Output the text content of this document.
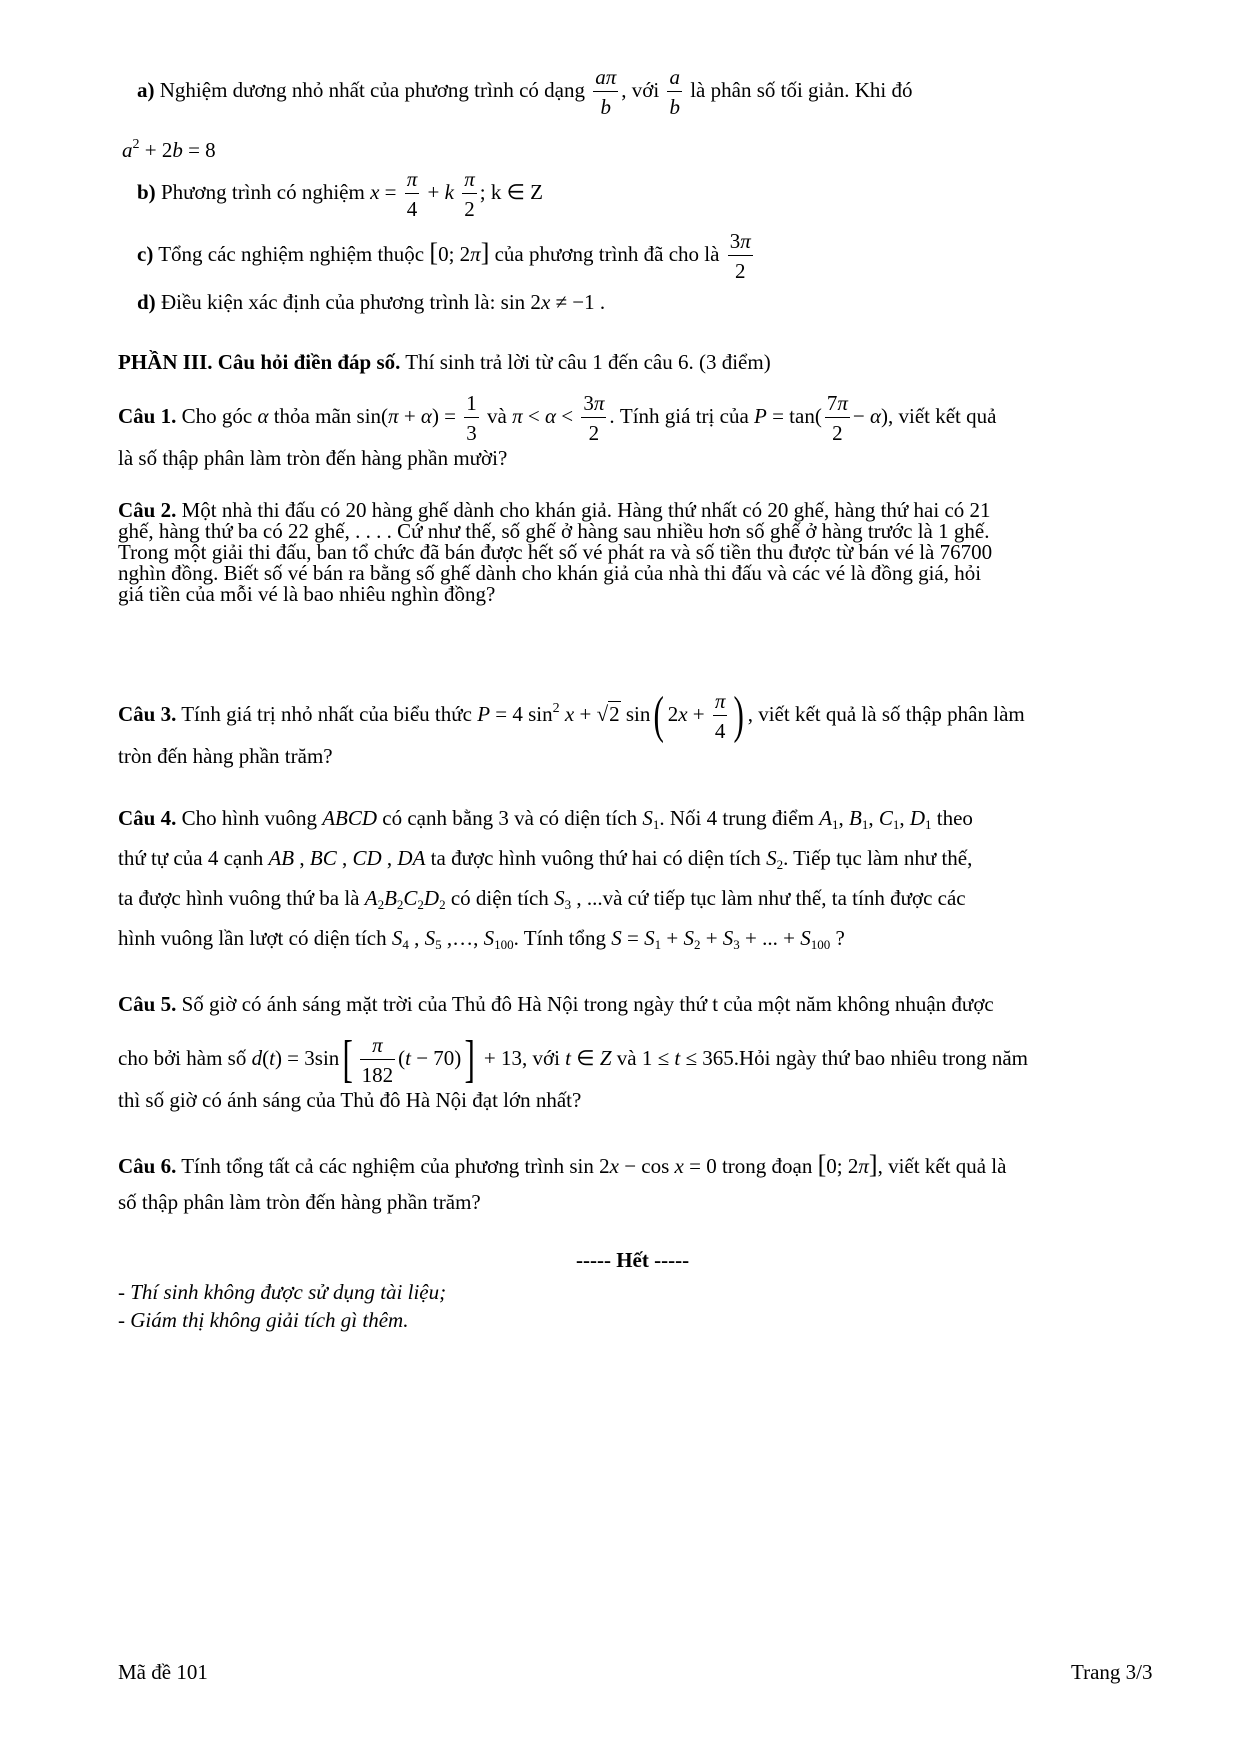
a) Nghiệm dương nhỏ nhất của phương trình có dạng $\frac{a\pi}{b}$ , với $\frac{a}{b}$ là phân số tối giản. Khi đó
$a^2 + 2b = 8$
b) Phương trình có nghiệm $x = \frac{\pi}{4} + k \frac{\pi}{2}$ ; k ∈ Z
c) Tổng các nghiệm nghiệm thuộc [0; 2π] của phương trình đã cho là $\frac{3\pi}{2}$
d) Điều kiện xác định của phương trình là: sin 2x ≠ −1 .
PHẦN III. Câu hỏi điền đáp số. Thí sinh trả lời từ câu 1 đến câu 6. (3 điểm)
Câu 1. Cho góc α thỏa mãn $\sin(\pi + \alpha) = \frac{1}{3}$ và $\pi < \alpha < \frac{3\pi}{2}$ . Tính giá trị của $P = \tan( \frac{7\pi}{2} - \alpha)$, viết kết quả
là số thập phân làm tròn đến hàng phần mười?
Câu 2. Một nhà thi đấu có 20 hàng ghế dành cho khán giả. Hàng thứ nhất có 20 ghế, hàng thứ hai có 21
ghế, hàng thứ ba có 22 ghế, . . . . Cứ như thế, số ghế ở hàng sau nhiều hơn số ghế ở hàng trước là 1 ghế.
Trong một giải thi đấu, ban tổ chức đã bán được hết số vé phát ra và số tiền thu được từ bán vé là 76700
nghìn đồng. Biết số vé bán ra bằng số ghế dành cho khán giả của nhà thi đấu và các vé là đồng giá, hỏi
giá tiền của mỗi vé là bao nhiêu nghìn đồng?
Câu 3. Tính giá trị nhỏ nhất của biểu thức P = 4 $\sin^2 x + √2$ sin( $2x + \frac{\pi}{4}$ ) , viết kết quả là số thập phân làm
tròn đến hàng phần trăm?
Câu 4. Cho hình vuông ABCD có cạnh bằng 3 và có diện tích $S_1$. Nối 4 trung điểm $A_1$, $B_1$, $C_1$, $D_1$ theo
thứ tự của 4 cạnh AB , BC , CD , DA ta được hình vuông thứ hai có diện tích $S_2$. Tiếp tục làm như thế,
ta được hình vuông thứ ba là $A_2B_2C_2D_2$ có diện tích $S_3$ , ...và cứ tiếp tục làm như thế, ta tính được các
hình vuông lần lượt có diện tích $S_4$ , $S_5$ ,…, $S_{100}$. Tính tổng $S = S_1 + S_2 + S_3$ + ... + $S_{100}$ ?
Câu 5. Số giờ có ánh sáng mặt trời của Thủ đô Hà Nội trong ngày thứ t của một năm không nhuận được
cho bởi hàm số $d(t) = 3\sin[ \frac{\pi}{182} (t - 70)] + 13$, với t ∈ Z và 1 ≤ t ≤ 365.Hỏi ngày thứ bao nhiêu trong năm
thì số giờ có ánh sáng của Thủ đô Hà Nội đạt lớn nhất?
Câu 6. Tính tổng tất cả các nghiệm của phương trình sin 2x − cos x = 0 trong đoạn [0; 2π], viết kết quả là
số thập phân làm tròn đến hàng phần trăm?
----- Hết -----
- Thí sinh không được sử dụng tài liệu;
- Giám thị không giải tích gì thêm.
Mã đề 101	Trang 3/3
